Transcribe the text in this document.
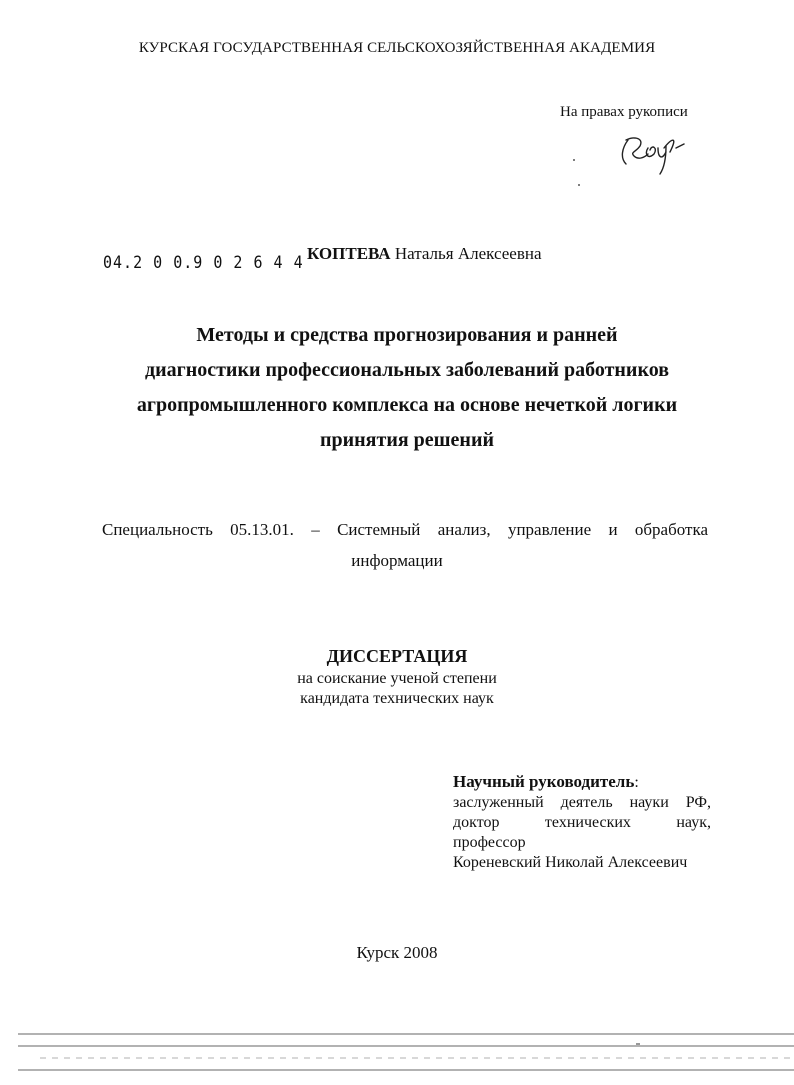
КУРСКАЯ ГОСУДАРСТВЕННАЯ СЕЛЬСКОХОЗЯЙСТВЕННАЯ АКАДЕМИЯ
На правах рукописи
04.2 0 0.9 0 2 6 4 4 КОПТЕВА Наталья Алексеевна
Методы и средства прогнозирования и ранней
диагностики профессиональных заболеваний работников
агропромышленного комплекса на основе нечеткой логики
принятия решений
Специальность 05.13.01. – Системный анализ, управление и обработка
информации
ДИССЕРТАЦИЯ
на соискание ученой степени
кандидата технических наук
Научный руководитель:
заслуженный деятель науки РФ,
доктор технических наук,
профессор
Кореневский Николай Алексеевич
Курск 2008
